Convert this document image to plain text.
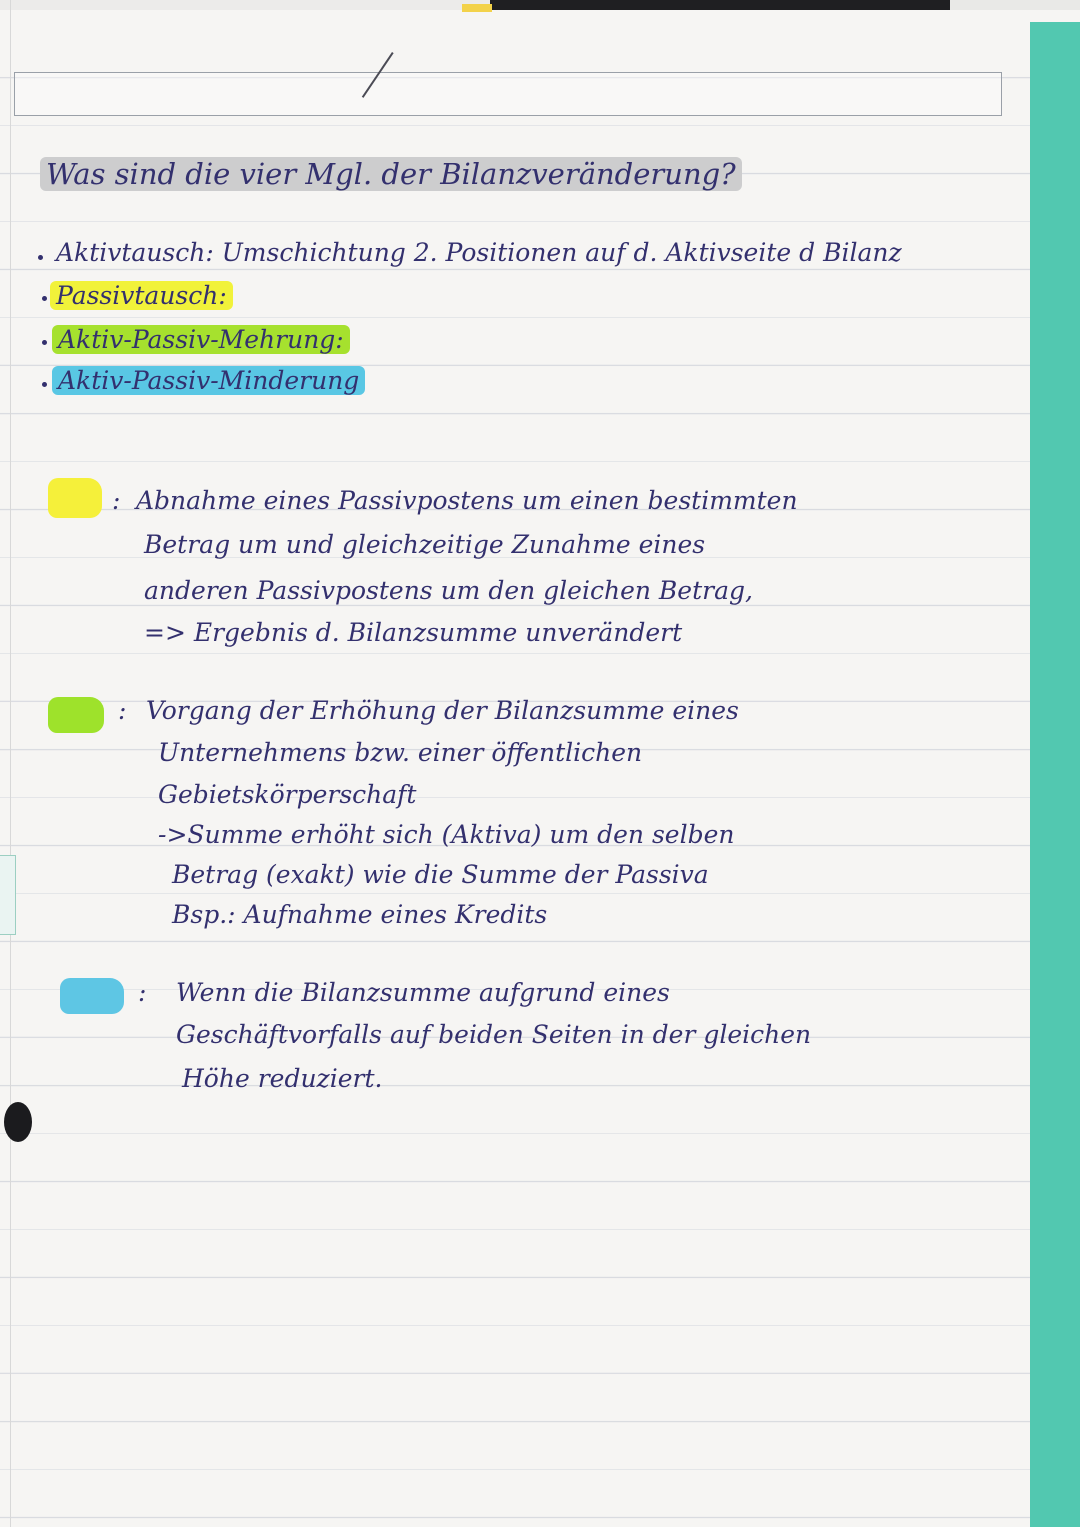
Was sind die vier Mgl. der Bilanzveränderung?
Aktivtausch: Umschichtung 2. Positionen auf d. Aktivseite d Bilanz
Passivtausch:
Aktiv-Passiv-Mehrung:
Aktiv-Passiv-Minderung
: Abnahme eines Passivpostens um einen bestimmten
Betrag um und gleichzeitige Zunahme eines
anderen Passivpostens um den gleichen Betrag,
=> Ergebnis d. Bilanzsumme unverändert
: Vorgang der Erhöhung der Bilanzsumme eines
Unternehmens bzw. einer öffentlichen
Gebietskörperschaft
->Summe erhöht sich (Aktiva) um den selben
Betrag (exakt) wie die Summe der Passiva
Bsp.: Aufnahme eines Kredits
: Wenn die Bilanzsumme aufgrund eines
Geschäftvorfalls auf beiden Seiten in der gleichen
Höhe reduziert.
